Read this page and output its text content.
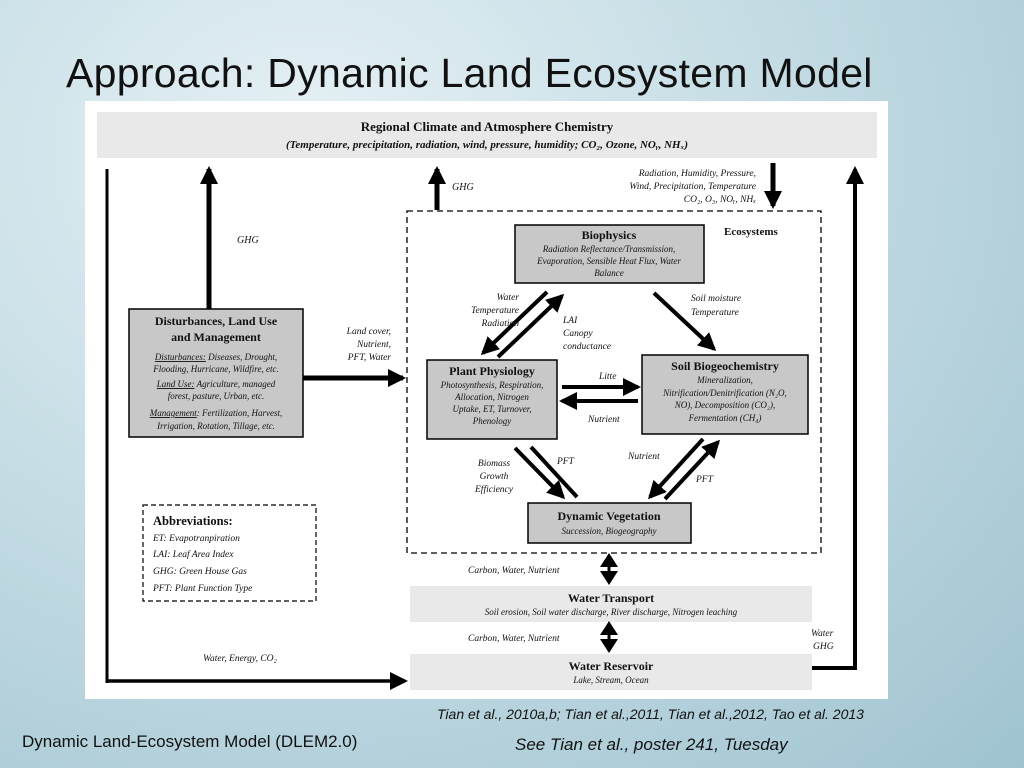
Approach: Dynamic Land Ecosystem Model
Regional Climate and Atmosphere Chemistry
(Temperature, precipitation, radiation, wind, pressure, humidity; CO₂, Ozone, NOᵧ, NHₓ)
GHG
GHG
Radiation, Humidity, Pressure,
Wind, Precipitation, Temperature
CO₂, O₃, NOᵧ, NHₓ
Ecosystems
Disturbances, Land Use
and Management
Disturbances: Diseases, Drought,
Flooding, Hurricane, Wildfire, etc.
Land Use: Agriculture, managed
forest, pasture, Urban, etc.
Management: Fertilization, Harvest,
Irrigation, Rotation, Tillage, etc.
Land cover,
Nutrient,
PFT, Water
Biophysics
Radiation Reflectance/Transmission,
Evaporation, Sensible Heat Flux, Water
Balance
Plant Physiology
Photosynthesis, Respiration,
Allocation, Nitrogen
Uptake, ET, Turnover,
Phenology
Soil Biogeochemistry
Mineralization,
Nitrification/Denitrification (N₂O,
NO), Decomposition (CO₂),
Fermentation (CH₄)
Dynamic Vegetation
Succession, Biogeography
Water
Temperature
Radiation	LAI
Canopy
conductance
Soil moisture
Temperature
Litte
Nutrient
Biomass
Growth
Efficiency
PFT	Nutrient
PFT
Abbreviations:
ET: Evapotranpiration
LAI: Leaf Area Index
GHG: Green House Gas
PFT: Plant Function Type
Carbon, Water, Nutrient
Water Transport
Soil erosion, Soil water discharge, River discharge, Nitrogen leaching
Carbon, Water, Nutrient
Water Reservoir
Lake, Stream, Ocean
Water, Energy, CO₂
Water
GHG
Tian et al., 2010a,b; Tian et al.,2011, Tian et al.,2012, Tao et al. 2013
Dynamic Land-Ecosystem Model (DLEM2.0)	See Tian et al., poster 241, Tuesday
